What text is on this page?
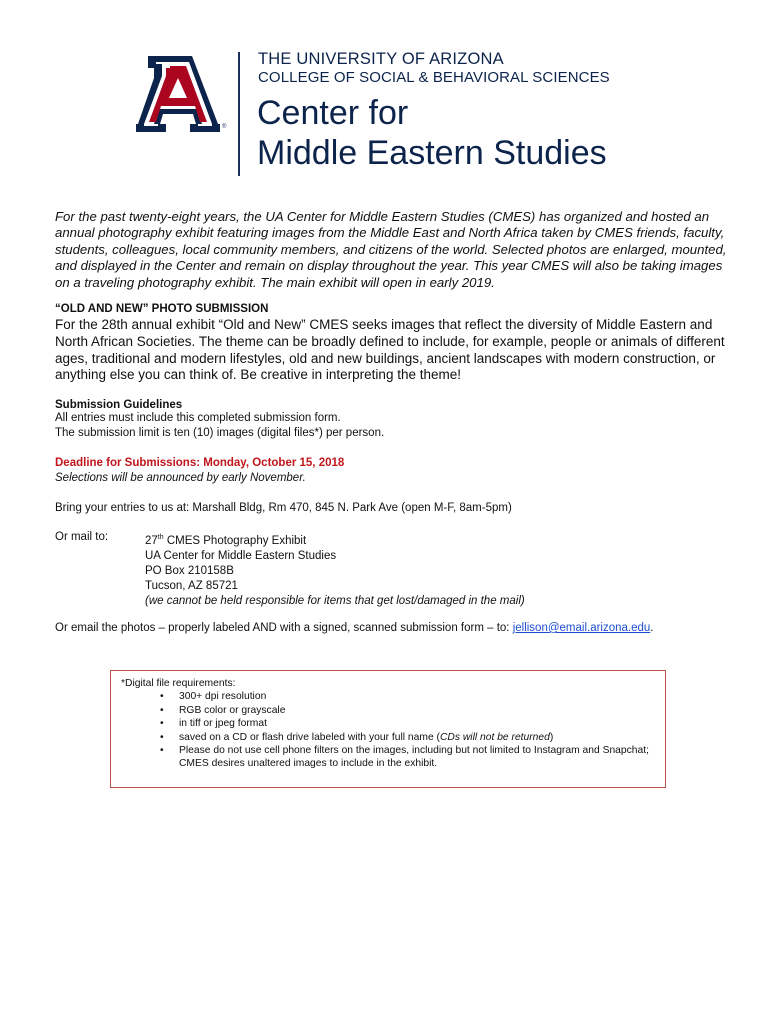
®
THE UNIVERSITY OF ARIZONA
COLLEGE OF SOCIAL & BEHAVIORAL SCIENCES
Center for
Middle Eastern Studies

For the past twenty-eight years, the UA Center for Middle Eastern Studies (CMES) has organized and hosted an annual photography exhibit featuring images from the Middle East and North Africa taken by CMES friends, faculty, students, colleagues, local community members, and citizens of the world. Selected photos are enlarged, mounted, and displayed in the Center and remain on display throughout the year. This year CMES will also be taking images on a traveling photography exhibit. The main exhibit will open in early 2019.

“OLD AND NEW” PHOTO SUBMISSION

For the 28th annual exhibit “Old and New” CMES seeks images that reflect the diversity of Middle Eastern and North African Societies. The theme can be broadly defined to include, for example, people or animals of different ages, traditional and modern lifestyles, old and new buildings, ancient landscapes with modern construction, or anything else you can think of. Be creative in interpreting the theme!

Submission Guidelines
All entries must include this completed submission form.
The submission limit is ten (10) images (digital files*) per person.
Deadline for Submissions: Monday, October 15, 2018
Selections will be announced by early November.
Bring your entries to us at: Marshall Bldg, Rm 470, 845 N. Park Ave (open M-F, 8am-5pm)
Or mail to:	27th CMES Photography Exhibit
UA Center for Middle Eastern Studies
PO Box 210158B
Tucson, AZ 85721
(we cannot be held responsible for items that get lost/damaged in the mail)
Or email the photos – properly labeled AND with a signed, scanned submission form – to: jellison@email.arizona.edu.
*Digital file requirements:
• 300+ dpi resolution
• RGB color or grayscale
• in tiff or jpeg format
• saved on a CD or flash drive labeled with your full name (CDs will not be returned)
• Please do not use cell phone filters on the images, including but not limited to Instagram and Snapchat; CMES desires unaltered images to include in the exhibit.
